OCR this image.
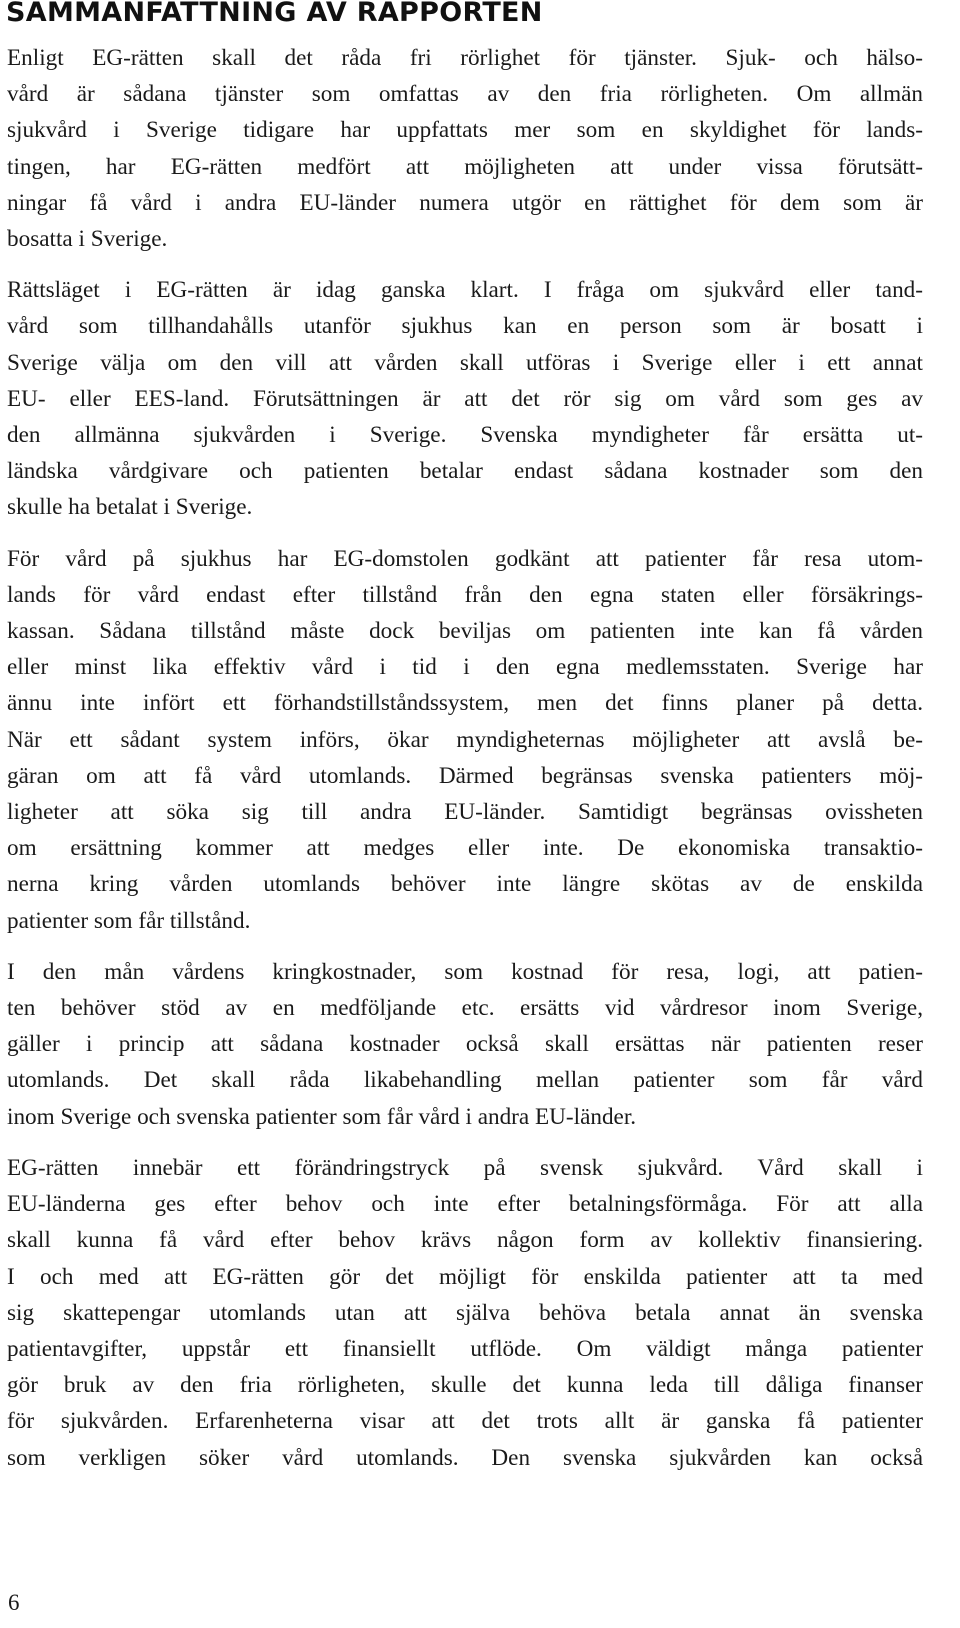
SAMMANFATTNING AV RAPPORTEN

Enligt EG-rätten skall det råda fri rörlighet för tjänster. Sjuk- och hälso-
vård är sådana tjänster som omfattas av den fria rörligheten. Om allmän
sjukvård i Sverige tidigare har uppfattats mer som en skyldighet för lands-
tingen, har EG-rätten medfört att möjligheten att under vissa förutsätt-
ningar få vård i andra EU-länder numera utgör en rättighet för dem som är
bosatta i Sverige.

Rättsläget i EG-rätten är idag ganska klart. I fråga om sjukvård eller tand-
vård som tillhandahålls utanför sjukhus kan en person som är bosatt i
Sverige välja om den vill att vården skall utföras i Sverige eller i ett annat
EU- eller EES-land. Förutsättningen är att det rör sig om vård som ges av
den allmänna sjukvården i Sverige. Svenska myndigheter får ersätta ut-
ländska vårdgivare och patienten betalar endast sådana kostnader som den
skulle ha betalat i Sverige.

För vård på sjukhus har EG-domstolen godkänt att patienter får resa utom-
lands för vård endast efter tillstånd från den egna staten eller försäkrings-
kassan. Sådana tillstånd måste dock beviljas om patienten inte kan få vården
eller minst lika effektiv vård i tid i den egna medlemsstaten. Sverige har
ännu inte infört ett förhandstillståndssystem, men det finns planer på detta.
När ett sådant system införs, ökar myndigheternas möjligheter att avslå be-
gäran om att få vård utomlands. Därmed begränsas svenska patienters möj-
ligheter att söka sig till andra EU-länder. Samtidigt begränsas ovissheten
om ersättning kommer att medges eller inte. De ekonomiska transaktio-
nerna kring vården utomlands behöver inte längre skötas av de enskilda
patienter som får tillstånd.

I den mån vårdens kringkostnader, som kostnad för resa, logi, att patien-
ten behöver stöd av en medföljande etc. ersätts vid vårdresor inom Sverige,
gäller i princip att sådana kostnader också skall ersättas när patienten reser
utomlands. Det skall råda likabehandling mellan patienter som får vård
inom Sverige och svenska patienter som får vård i andra EU-länder.

EG-rätten innebär ett förändringstryck på svensk sjukvård. Vård skall i
EU-länderna ges efter behov och inte efter betalningsförmåga. För att alla
skall kunna få vård efter behov krävs någon form av kollektiv finansiering.
I och med att EG-rätten gör det möjligt för enskilda patienter att ta med
sig skattepengar utomlands utan att själva behöva betala annat än svenska
patientavgifter, uppstår ett finansiellt utflöde. Om väldigt många patienter
gör bruk av den fria rörligheten, skulle det kunna leda till dåliga finanser
för sjukvården. Erfarenheterna visar att det trots allt är ganska få patienter
som verkligen söker vård utomlands. Den svenska sjukvården kan också

6
